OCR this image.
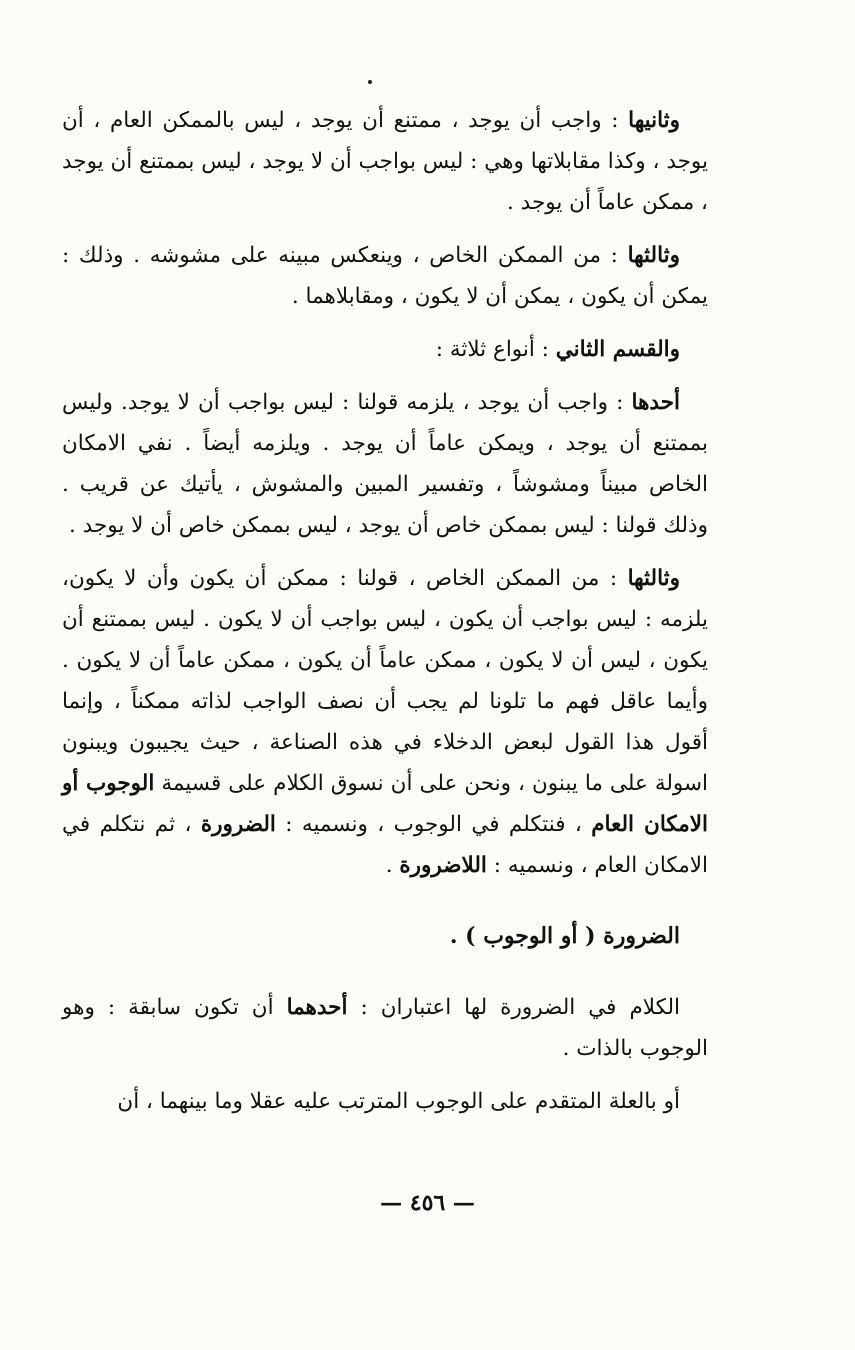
وثانيها : واجب أن يوجد ، ممتنع أن يوجد ، ليس بالممكن العام ، أن يوجد ، وكذا مقابلاتها وهي : ليس بواجب أن لا يوجد ، ليس بممتنع أن يوجد ، ممكن عاماً أن يوجد .

وثالثها : من الممكن الخاص ، وينعكس مبينه على مشوشه . وذلك : يمكن أن يكون ، يمكن أن لا يكون ، ومقابلاهما .

والقسم الثاني : أنواع ثلاثة :

أحدها : واجب أن يوجد ، يلزمه قولنا : ليس بواجب أن لا يوجد. وليس بممتنع أن يوجد ، ويمكن عاماً أن يوجد . ويلزمه أيضاً . نفي الامكان الخاص مبيناً ومشوشاً ، وتفسير المبين والمشوش ، يأتيك عن قريب . وذلك قولنا : ليس بممكن خاص أن يوجد ، ليس بممكن خاص أن لا يوجد .

وثالثها : من الممكن الخاص ، قولنا : ممكن أن يكون وأن لا يكون، يلزمه : ليس بواجب أن يكون ، ليس بواجب أن لا يكون . ليس بممتنع أن يكون ، ليس أن لا يكون ، ممكن عاماً أن يكون ، ممكن عاماً أن لا يكون . وأيما عاقل فهم ما تلونا لم يجب أن نصف الواجب لذاته ممكناً ، وإنما أقول هذا القول لبعض الدخلاء في هذه الصناعة ، حيث يجيبون ويبنون اسولة على ما يبنون ، ونحن على أن نسوق الكلام على قسيمة الوجوب أو الامكان العام ، فنتكلم في الوجوب ، ونسميه : الضرورة ، ثم نتكلم في الامكان العام ، ونسميه : اللاضرورة .

الضرورة ( أو الوجوب ) .

الكلام في الضرورة لها اعتباران : أحدهما أن تكون سابقة : وهو الوجوب بالذات .

أو بالعلة المتقدم على الوجوب المترتب عليه عقلا وما بينهما ، أن

— ٤٥٦ —
